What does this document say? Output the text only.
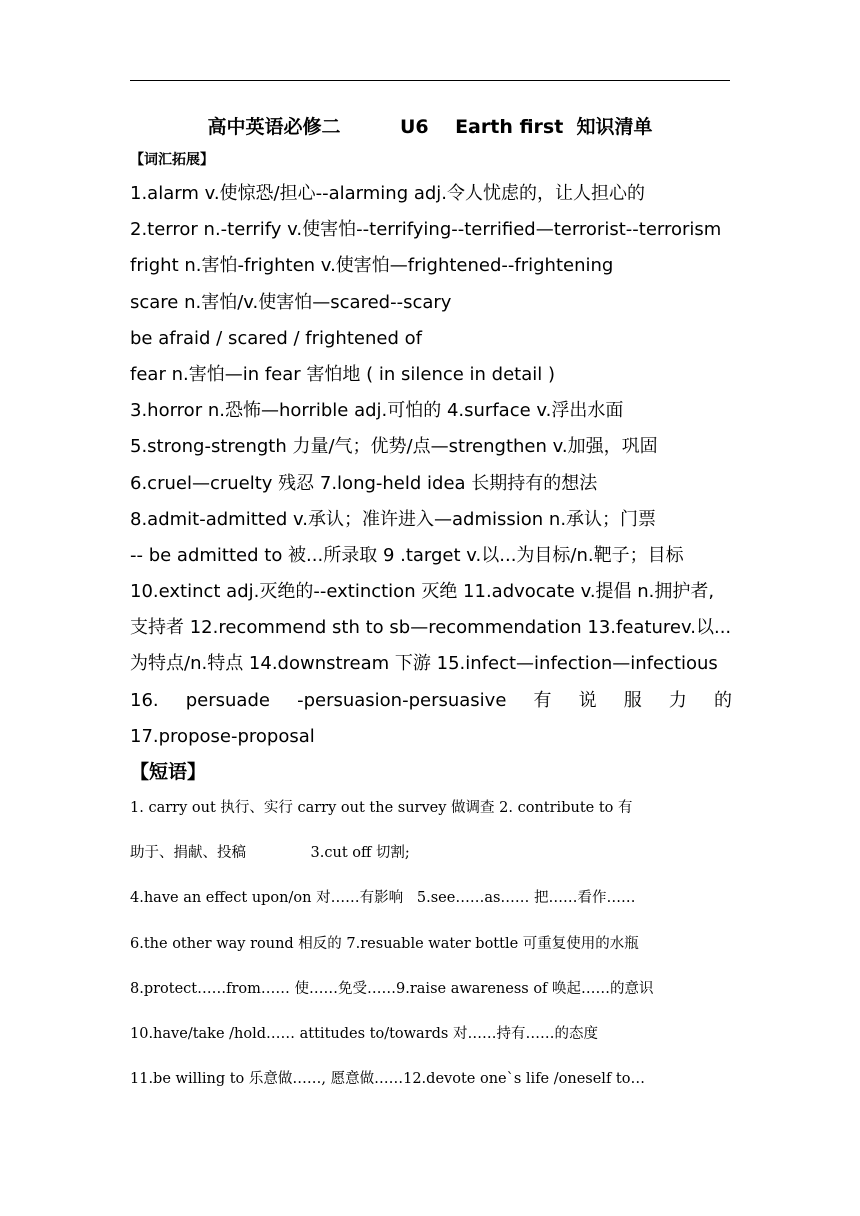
高中英语必修二         U6    Earth first  知识清单
【词汇拓展】
1.alarm v.使惊恐/担心--alarming adj.令人忧虑的，让人担心的
2.terror n.-terrify v.使害怕--terrifying--terrified—terrorist--terrorism
fright n.害怕-frighten v.使害怕—frightened--frightening
scare n.害怕/v.使害怕—scared--scary
be afraid / scared / frightened of
fear n.害怕—in fear 害怕地 ( in silence in detail )
3.horror n.恐怖—horrible adj.可怕的 4.surface v.浮出水面
5.strong-strength 力量/气；优势/点—strengthen v.加强，巩固
6.cruel—cruelty 残忍 7.long-held idea 长期持有的想法
8.admit-admitted v.承认；准许进入—admission n.承认；门票
-- be admitted to 被...所录取 9 .target v.以...为目标/n.靶子；目标
10.extinct adj.灭绝的--extinction 灭绝 11.advocate v.提倡 n.拥护者,
支持者 12.recommend sth to sb—recommendation 13.featurev.以...
为特点/n.特点 14.downstream 下游 15.infect—infection—infectious
16. persuade -persuasion-persuasive 有 说 服 力 的
17.propose-proposal
【短语】
1. carry out 执行、实行 carry out the survey 做调查 2. contribute to 有
助于、捐献、投稿              3.cut off 切割;
4.have an effect upon/on 对……有影响   5.see……as…… 把……看作……
6.the other way round 相反的 7.resuable water bottle 可重复使用的水瓶
8.protect……from…… 使……免受……9.raise awareness of 唤起……的意识
10.have/take /hold…… attitudes to/towards 对……持有……的态度
11.be willing to 乐意做……, 愿意做……12.devote one`s life /oneself to…
